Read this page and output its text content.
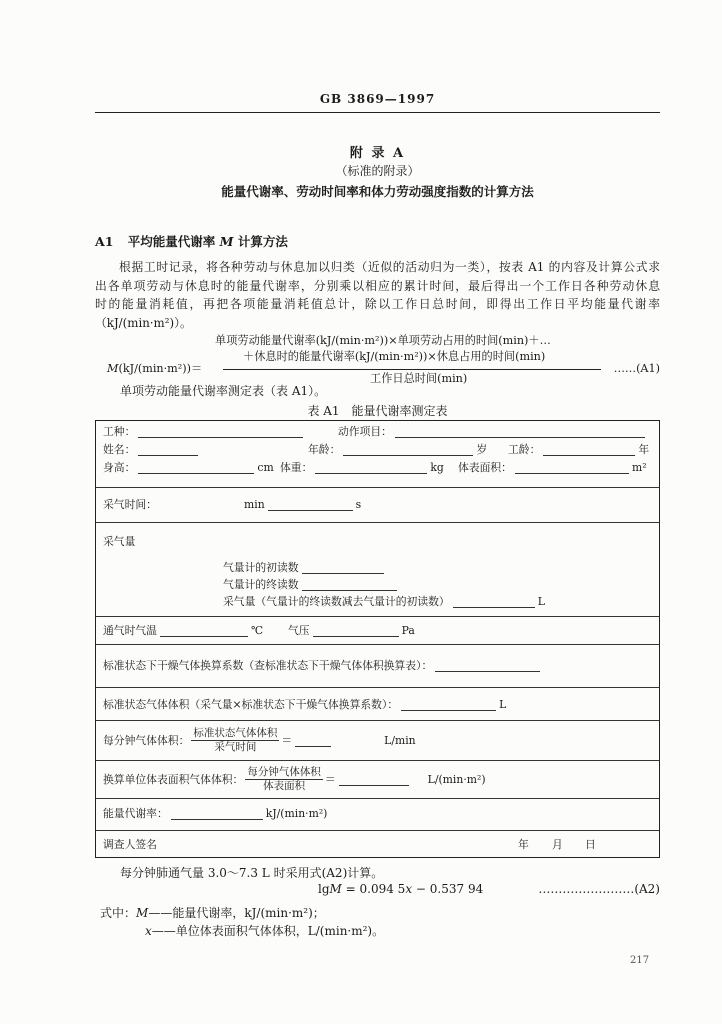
GB 3869—1997
附 录 A
（标准的附录）
能量代谢率、劳动时间率和体力劳动强度指数的计算方法
A1 平均能量代谢率 M 计算方法
根据工时记录，将各种劳动与休息加以归类（近似的活动归为一类），按表 A1 的内容及计算公式求
出各单项劳动与休息时的能量代谢率，分别乘以相应的累计时间，最后得出一个工作日各种劳动休息
时的能量消耗值，再把各项能量消耗值总计，除以工作日总时间，即得出工作日平均能量代谢率
（kJ/(min·m²)）。
单项劳动能量代谢率(kJ/(min·m²))×单项劳动占用的时间(min)＋…
＋休息时的能量代谢率(kJ/(min·m²))×休息占用的时间(min)
M(kJ/(min·m²))＝	……(A1)
工作日总时间(min)
单项劳动能量代谢率测定表（表 A1）。
表 A1　能量代谢率测定表
工种：	动作项目：
姓名：	年龄：	岁 工龄：	年
身高：	cm 体重：	kg 体表面积：	m²
采气时间：	min	s
采气量
气量计的初读数
气量计的终读数
采气量（气量计的终读数减去气量计的初读数）	L
通气时气温	℃ 气压	Pa
标准状态下干燥气体换算系数（查标准状态下干燥气体体积换算表）：
标准状态气体体积（采气量×标准状态下干燥气体换算系数）：	L
每分钟气体体积： $\frac{\text{标准状态气体体积}}{\text{采气时间}}$ ＝	L/min
换算单位体表面积气体体积： $\frac{\text{每分钟气体体积}}{\text{体表面积}}$ ＝	L/(min·m²)
能量代谢率：	kJ/(min·m²)
调查人签名	年 月 日
每分钟肺通气量 3.0～7.3 L 时采用式(A2)计算。
lgM = 0.094 5x − 0.537 94	……………………(A2)
式中：M——能量代谢率，kJ/(min·m²)；
x——单位体表面积气体体积，L/(min·m²)。
217
